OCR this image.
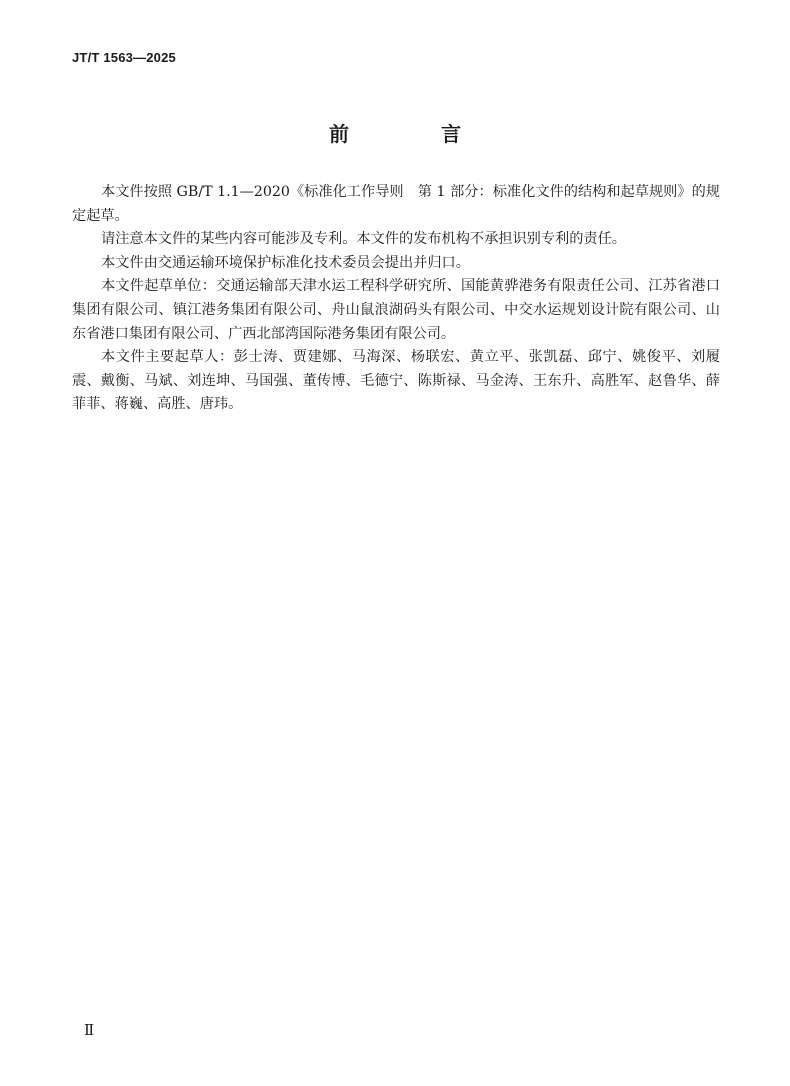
JT/T 1563—2025
前　言

本文件按照 GB/T 1.1—2020《标准化工作导则　第 1 部分：标准化文件的结构和起草规则》的规定起草。

请注意本文件的某些内容可能涉及专利。本文件的发布机构不承担识别专利的责任。

本文件由交通运输环境保护标准化技术委员会提出并归口。

本文件起草单位：交通运输部天津水运工程科学研究所、国能黄骅港务有限责任公司、江苏省港口集团有限公司、镇江港务集团有限公司、舟山鼠浪湖码头有限公司、中交水运规划设计院有限公司、山东省港口集团有限公司、广西北部湾国际港务集团有限公司。

本文件主要起草人：彭士涛、贾建娜、马海深、杨联宏、黄立平、张凯磊、邱宁、姚俊平、刘履震、戴衡、马斌、刘连坤、马国强、董传博、毛德宁、陈斯禄、马金涛、王东升、高胜军、赵鲁华、薛菲菲、蒋巍、高胜、唐玮。

Ⅱ
